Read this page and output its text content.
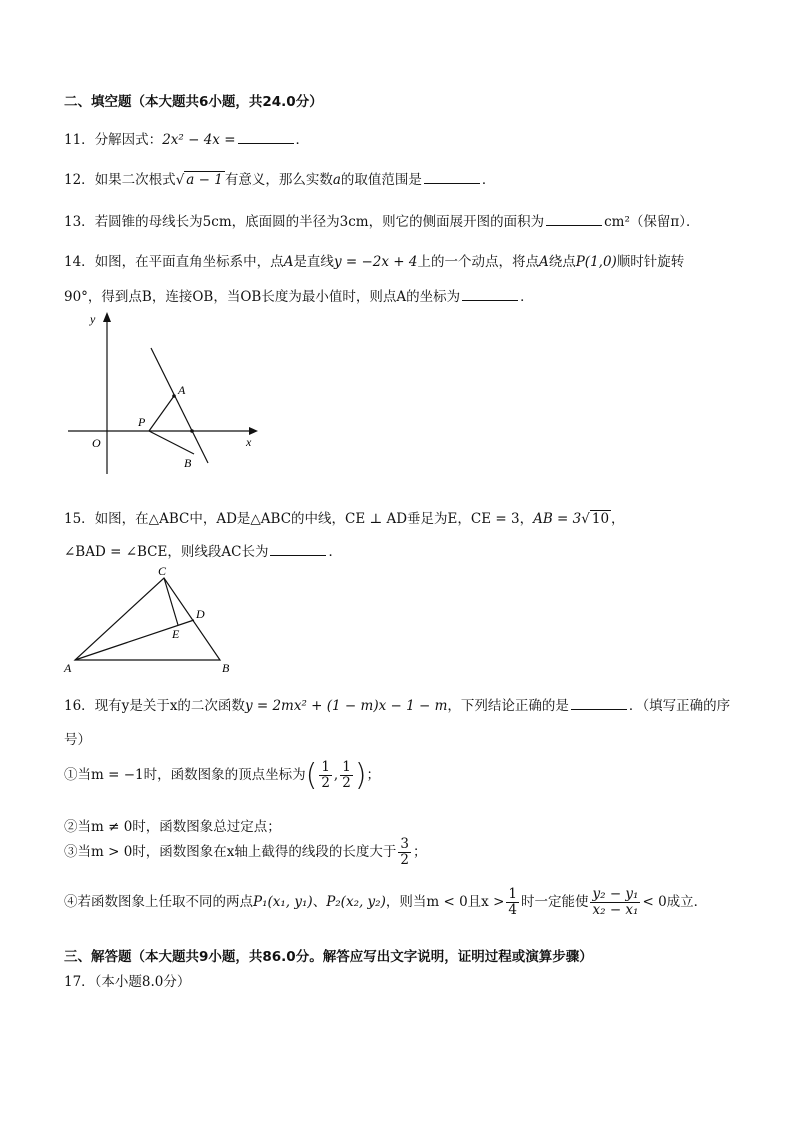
二、填空题（本大题共6小题，共24.0分）
11．分解因式：2x² − 4x =	．
12．如果二次根式√ a − 1 有意义，那么实数a的取值范围是	．
13．若圆锥的母线长为5cm，底面圆的半径为3cm，则它的侧面展开图的面积为	cm²（保留π）．
14．如图，在平面直角坐标系中，点A是直线y = −2x + 4上的一个动点，将点A绕点P(1,0)顺时针旋转
90°，得到点B，连接OB，当OB长度为最小值时，则点A的坐标为	．
y
x
O
P
A
B
15．如图，在△ABC中，AD是△ABC的中线，CE ⊥ AD垂足为E，CE = 3，AB = 3√ 10 ，
∠BAD = ∠BCE，则线段AC长为	．
C
D
E
A	B
16．现有y是关于x的二次函数y = 2mx² + (1 − m)x − 1 − m，下列结论正确的是	．（填写正确的序
号）
①当m = −1时，函数图象的顶点坐标为( $\frac{1}{2}$ , $\frac{1}{2}$ )；
②当m ≠ 0时，函数图象总过定点；
③当m > 0时，函数图象在x轴上截得的线段的长度大于 $\frac{3}{2}$ ；
④若函数图象上任取不同的两点P₁(x₁, y₁)、P₂(x₂, y₂)，则当m < 0且$x > \frac{1}{4}$ 时一定能使 $\frac{\text{y₂ − y₁}}{\text{x₂ − x₁}} < 0$成立．
三、解答题（本大题共9小题，共86.0分。解答应写出文字说明，证明过程或演算步骤）
17．（本小题8.0分）
